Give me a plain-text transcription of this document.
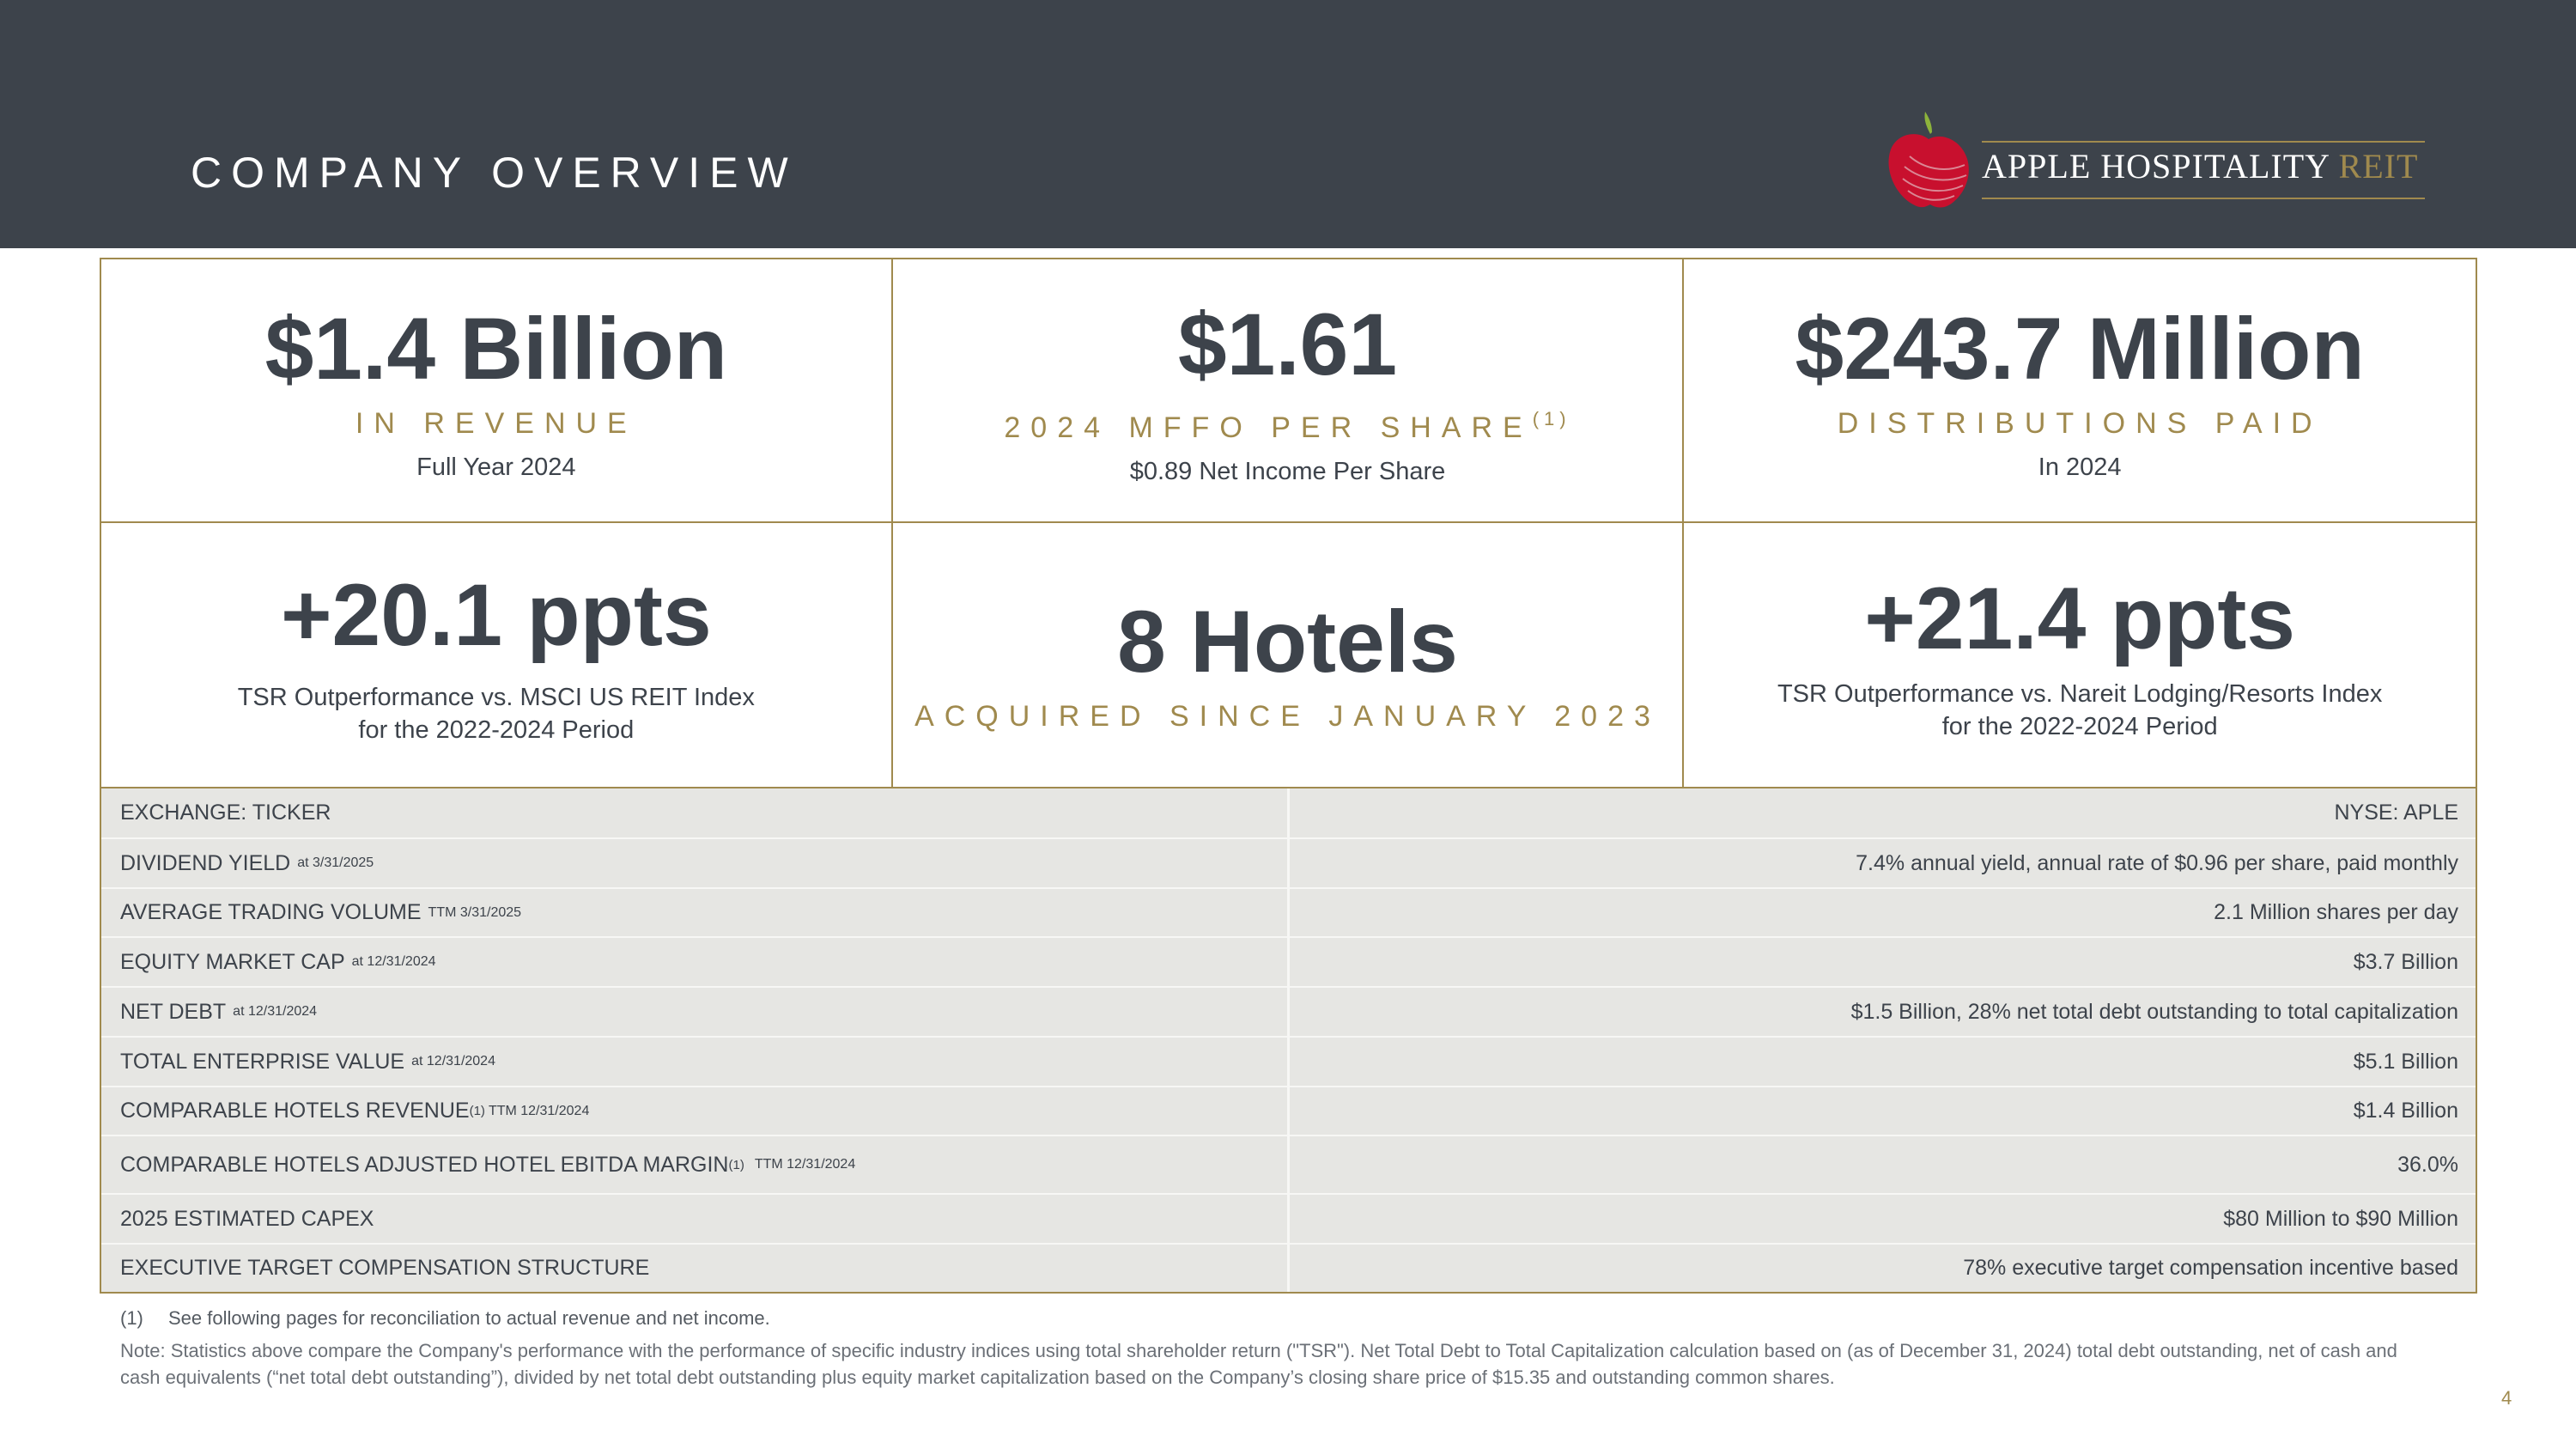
COMPANY OVERVIEW	APPLE HOSPITALITY REIT
$1.4 Billion
IN REVENUE
Full Year 2024
$1.61
2024 MFFO PER SHARE$^{(1)}$
$0.89 Net Income Per Share
$243.7 Million
DISTRIBUTIONS PAID
In 2024
+20.1 ppts
TSR Outperformance vs. MSCI US REIT Index
for the 2022-2024 Period
8 Hotels
ACQUIRED SINCE JANUARY 2023
+21.4 ppts
TSR Outperformance vs. Nareit Lodging/Resorts Index
for the 2022-2024 Period
EXCHANGE: TICKER	NYSE: APLE
DIVIDEND YIELD at 3/31/2025	7.4% annual yield, annual rate of $0.96 per share, paid monthly
AVERAGE TRADING VOLUME TTM 3/31/2025	2.1 Million shares per day
EQUITY MARKET CAP at 12/31/2024	$3.7 Billion
NET DEBT at 12/31/2024	$1.5 Billion, 28% net total debt outstanding to total capitalization
TOTAL ENTERPRISE VALUE at 12/31/2024	$5.1 Billion
COMPARABLE HOTELS REVENUE (1) TTM 12/31/2024	$1.4 Billion
COMPARABLE HOTELS ADJUSTED HOTEL EBITDA MARGIN (1) TTM 12/31/2024	36.0%
2025 ESTIMATED CAPEX	$80 Million to $90 Million
EXECUTIVE TARGET COMPENSATION STRUCTURE	78% executive target compensation incentive based
(1) See following pages for reconciliation to actual revenue and net income.
Note: Statistics above compare the Company's performance with the performance of specific industry indices using total shareholder return ("TSR"). Net Total Debt to Total Capitalization calculation based on (as of December 31, 2024) total debt outstanding, net of cash and cash equivalents (“net total debt outstanding”), divided by net total debt outstanding plus equity market capitalization based on the Company’s closing share price of $15.35 and outstanding common shares.
4
